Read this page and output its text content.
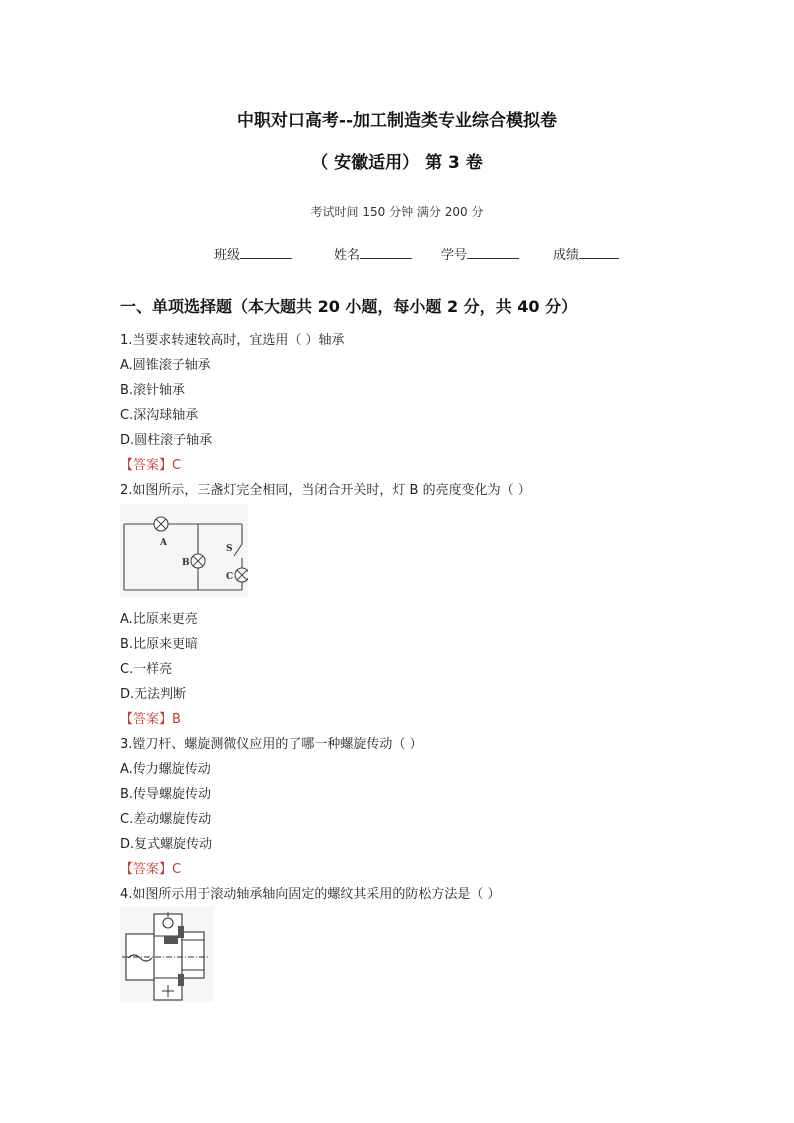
中职对口高考--加工制造类专业综合模拟卷
（ 安徽适用） 第 3 卷
考试时间 150 分钟 满分 200 分
班级	姓名	学号	成绩
一、单项选择题（本大题共 20 小题，每小题 2 分，共 40 分）
1.当要求转速较高时，宜选用（ ）轴承
A.圆锥滚子轴承
B.滚针轴承
C.深沟球轴承
D.圆柱滚子轴承
【答案】C
2.如图所示，三盏灯完全相同，当闭合开关时，灯 B 的亮度变化为（ ）
A
B
C
S
A.比原来更亮
B.比原来更暗
C.一样亮
D.无法判断
【答案】B
3.镗刀杆、螺旋测微仪应用的了哪一种螺旋传动（ ）
A.传力螺旋传动
B.传导螺旋传动
C.差动螺旋传动
D.复式螺旋传动
【答案】C
4.如图所示用于滚动轴承轴向固定的螺纹其采用的防松方法是（ ）
